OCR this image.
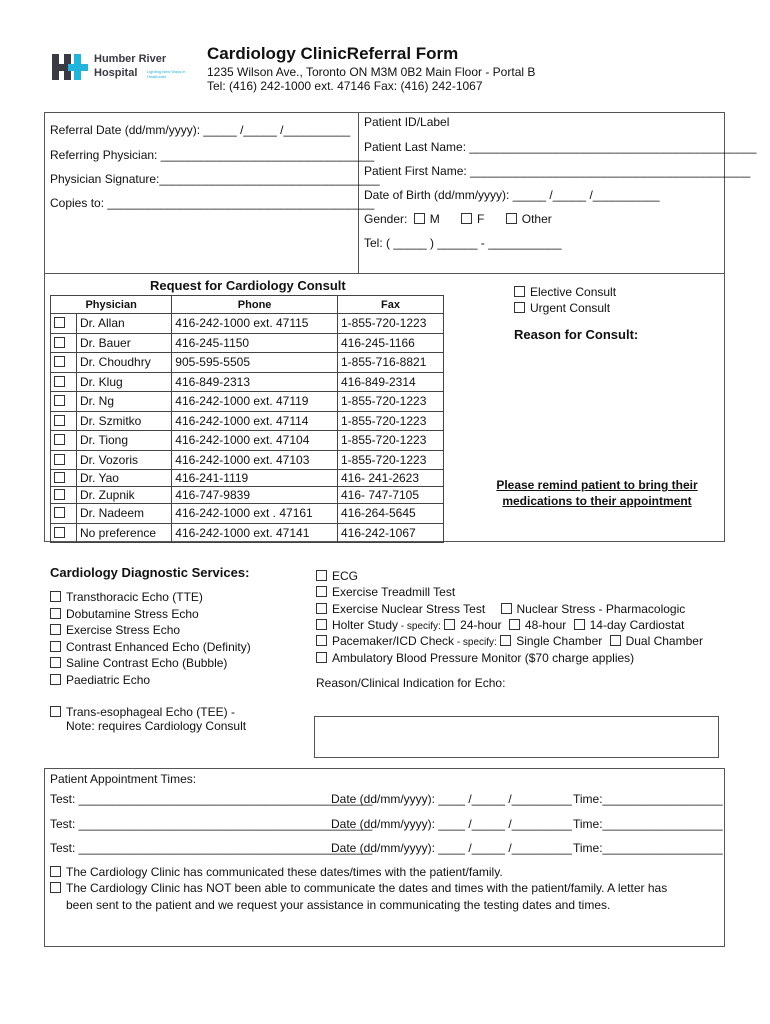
Humber River
Hospital Lighting New Ways in Healthcare
Cardiology ClinicReferral Form
1235 Wilson Ave., Toronto ON M3M 0B2 Main Floor - Portal B
Tel: (416) 242-1000 ext. 47146 Fax: (416) 242-1067
Referral Date (dd/mm/yyyy): _____ /_____ /__________
Referring Physician: ________________________________
Physician Signature:_________________________________
Copies to: ________________________________________
Patient ID/Label
Patient Last Name: ___________________________________________
Patient First Name: __________________________________________
Date of Birth (dd/mm/yyyy): _____ /_____ /__________
Gender: M	F	Other
Tel: ( _____ ) ______ - ___________
Request for Cardiology Consult
Physician		Phone	Fax
	Dr. Allan	416-242-1000 ext. 47115	1-855-720-1223
	Dr. Bauer	416-245-1150	416-245-1166
	Dr. Choudhry	905-595-5505	1-855-716-8821
	Dr. Klug	416-849-2313	416-849-2314
	Dr. Ng	416-242-1000 ext. 47119	1-855-720-1223
	Dr. Szmitko	416-242-1000 ext. 47114	1-855-720-1223
	Dr. Tiong	416-242-1000 ext. 47104	1-855-720-1223
	Dr. Vozoris	416-242-1000 ext. 47103	1-855-720-1223
	Dr. Yao	416-241-1119	416- 241-2623
	Dr. Zupnik	416-747-9839	416- 747-7105
	Dr. Nadeem	416-242-1000 ext . 47161	416-264-5645
	No preference	416-242-1000 ext. 47141	416-242-1067
Elective Consult
Urgent Consult
Reason for Consult:
Please remind patient to bring their
medications to their appointment
Cardiology Diagnostic Services:
Transthoracic Echo (TTE)
Dobutamine Stress Echo
Exercise Stress Echo
Contrast Enhanced Echo (Definity)
Saline Contrast Echo (Bubble)
Paediatric Echo
Trans-esophageal Echo (TEE) -
Note: requires Cardiology Consult
ECG
Exercise Treadmill Test
Exercise Nuclear Stress Test	Nuclear Stress - Pharmacologic
Holter Study - specify: 24-hour 48-hour 14-day Cardiostat
Pacemaker/ICD Check - specify: Single Chamber Dual Chamber
Ambulatory Blood Pressure Monitor ($70 charge applies)
Reason/Clinical Indication for Echo:
Patient Appointment Times:
Test: ____________________________________________
Date (dd/mm/yyyy): ____ /_____ /_________ Time:__________________
Test: ____________________________________________
Date (dd/mm/yyyy): ____ /_____ /_________ Time:__________________
Test: ____________________________________________
Date (dd/mm/yyyy): ____ /_____ /_________ Time:__________________
The Cardiology Clinic has communicated these dates/times with the patient/family.
The Cardiology Clinic has NOT been able to communicate the dates and times with the patient/family. A letter has
been sent to the patient and we request your assistance in communicating the testing dates and times.
